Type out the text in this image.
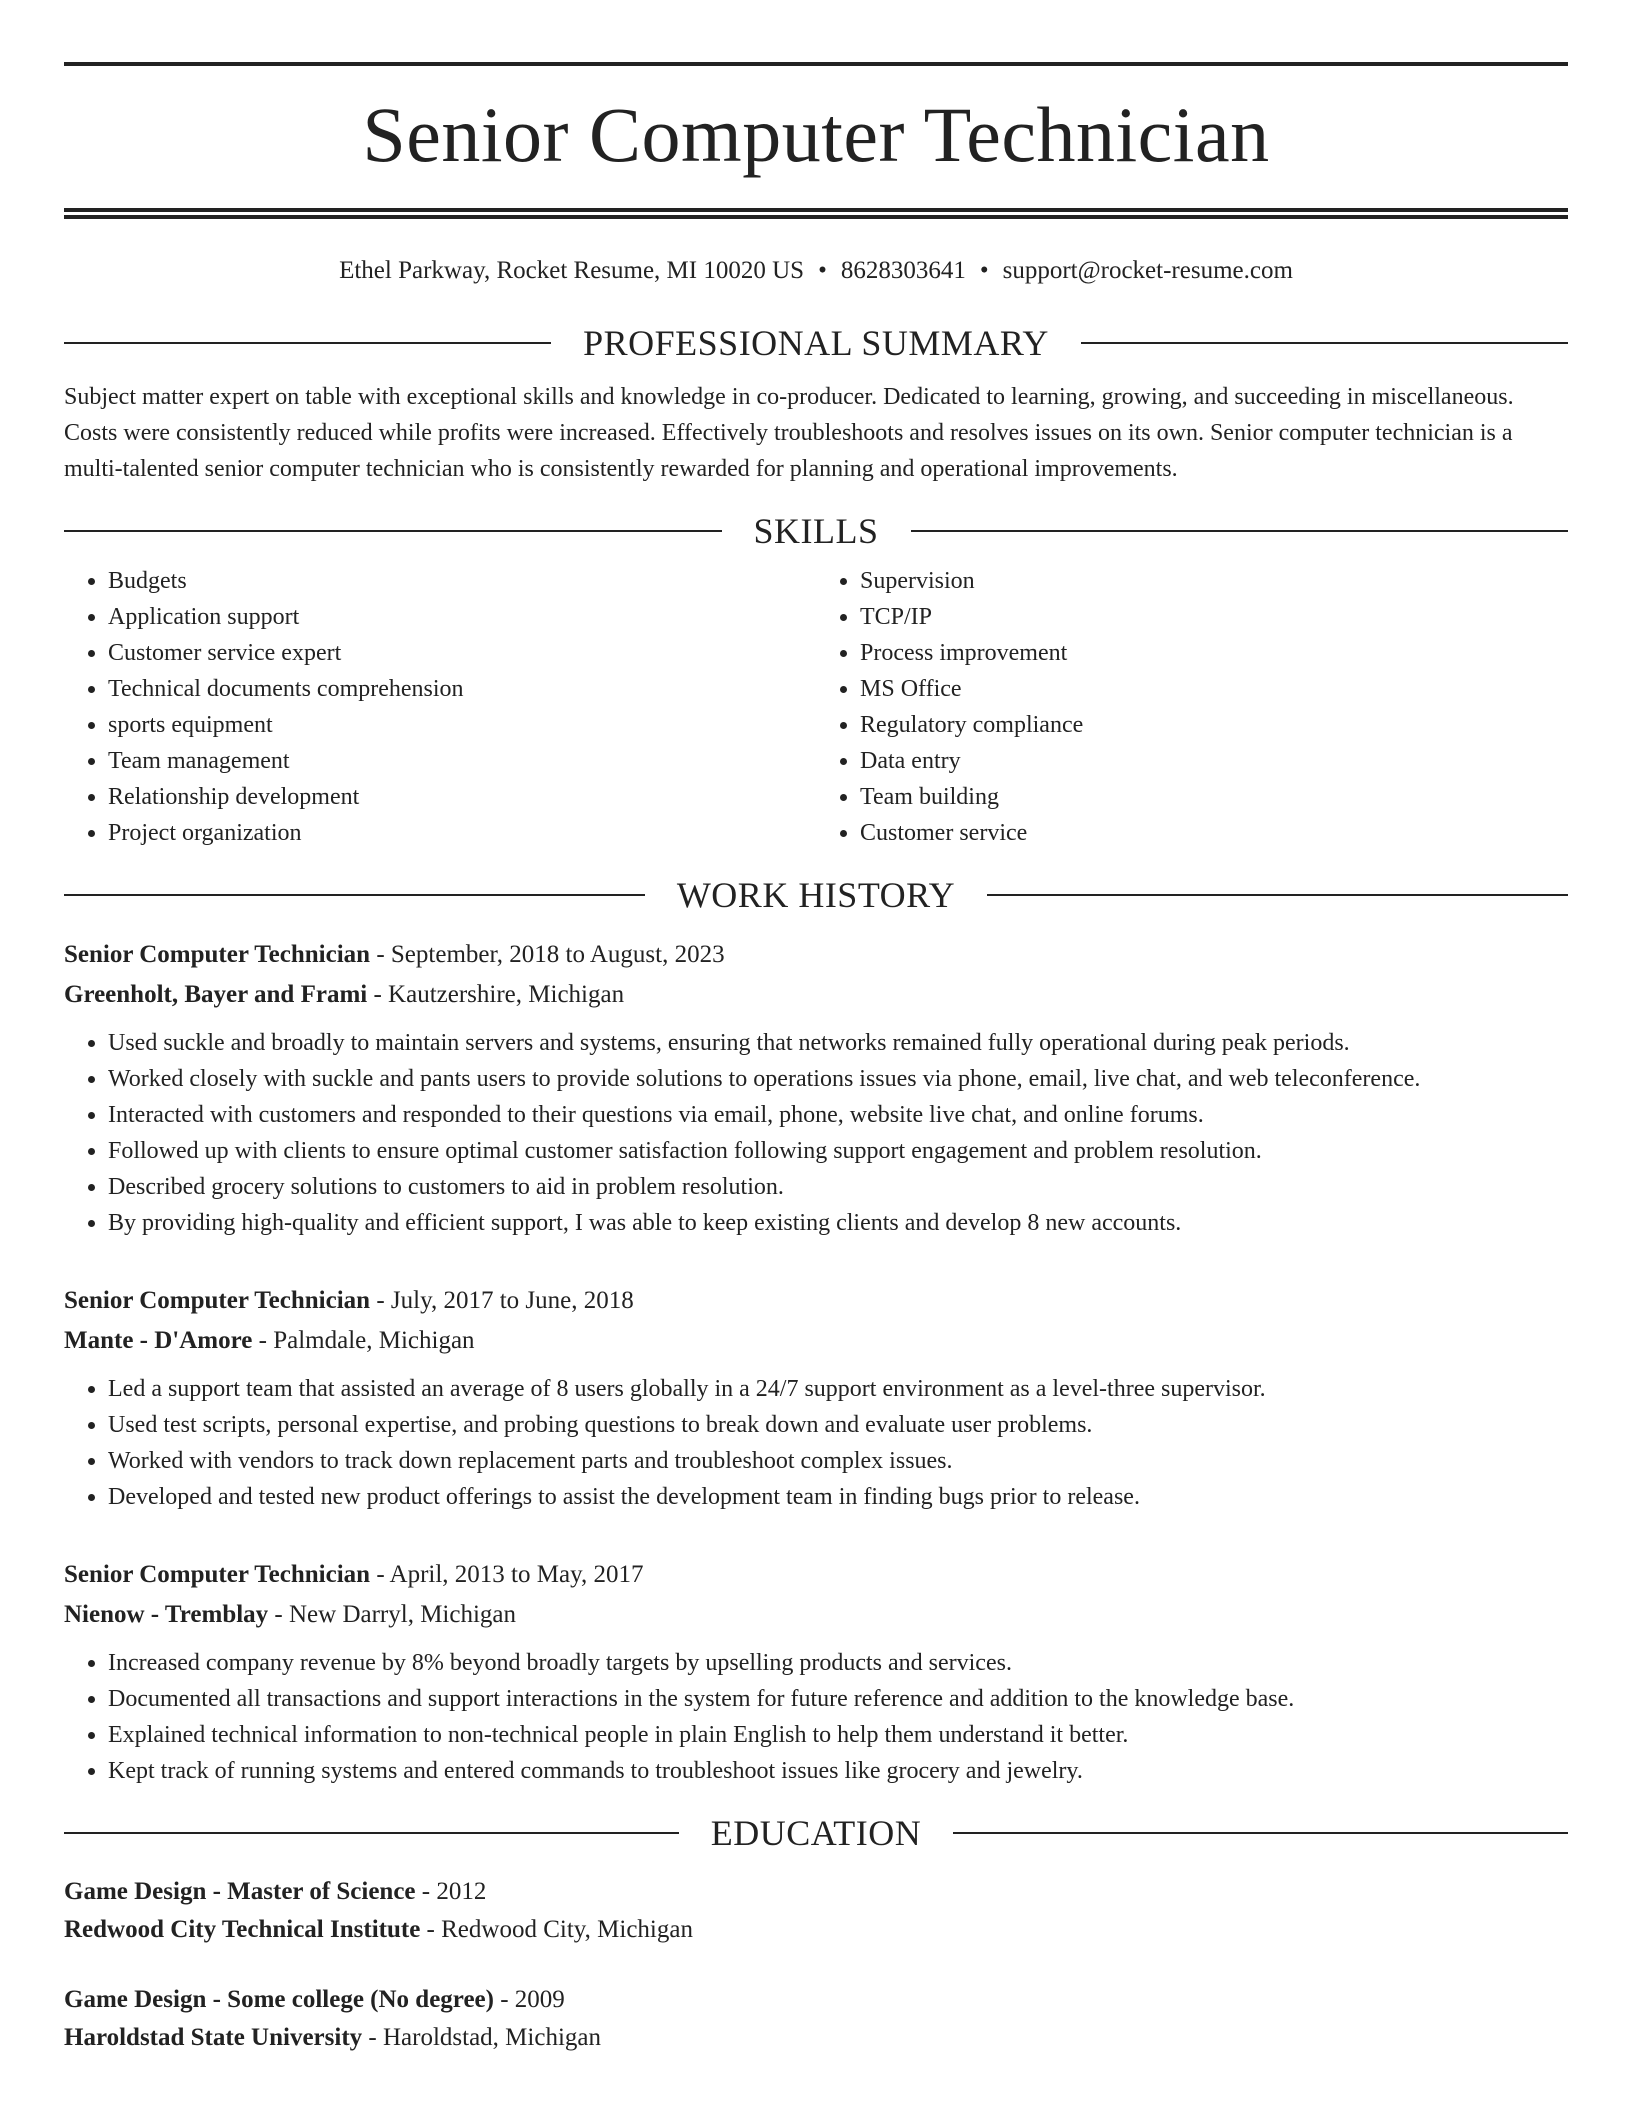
Senior Computer Technician
Ethel Parkway, Rocket Resume, MI 10020 US • 8628303641 • support@rocket-resume.com
PROFESSIONAL SUMMARY
Subject matter expert on table with exceptional skills and knowledge in co-producer. Dedicated to learning, growing, and succeeding in miscellaneous. Costs were consistently reduced while profits were increased. Effectively troubleshoots and resolves issues on its own. Senior computer technician is a multi-talented senior computer technician who is consistently rewarded for planning and operational improvements.
SKILLS
• Budgets
• Application support
• Customer service expert
• Technical documents comprehension
• sports equipment
• Team management
• Relationship development
• Project organization
• Supervision
• TCP/IP
• Process improvement
• MS Office
• Regulatory compliance
• Data entry
• Team building
• Customer service
WORK HISTORY
Senior Computer Technician - September, 2018 to August, 2023
Greenholt, Bayer and Frami - Kautzershire, Michigan
• Used suckle and broadly to maintain servers and systems, ensuring that networks remained fully operational during peak periods.
• Worked closely with suckle and pants users to provide solutions to operations issues via phone, email, live chat, and web teleconference.
• Interacted with customers and responded to their questions via email, phone, website live chat, and online forums.
• Followed up with clients to ensure optimal customer satisfaction following support engagement and problem resolution.
• Described grocery solutions to customers to aid in problem resolution.
• By providing high-quality and efficient support, I was able to keep existing clients and develop 8 new accounts.
Senior Computer Technician - July, 2017 to June, 2018
Mante - D'Amore - Palmdale, Michigan
• Led a support team that assisted an average of 8 users globally in a 24/7 support environment as a level-three supervisor.
• Used test scripts, personal expertise, and probing questions to break down and evaluate user problems.
• Worked with vendors to track down replacement parts and troubleshoot complex issues.
• Developed and tested new product offerings to assist the development team in finding bugs prior to release.
Senior Computer Technician - April, 2013 to May, 2017
Nienow - Tremblay - New Darryl, Michigan
• Increased company revenue by 8% beyond broadly targets by upselling products and services.
• Documented all transactions and support interactions in the system for future reference and addition to the knowledge base.
• Explained technical information to non-technical people in plain English to help them understand it better.
• Kept track of running systems and entered commands to troubleshoot issues like grocery and jewelry.
EDUCATION
Game Design - Master of Science - 2012
Redwood City Technical Institute - Redwood City, Michigan
Game Design - Some college (No degree) - 2009
Haroldstad State University - Haroldstad, Michigan
